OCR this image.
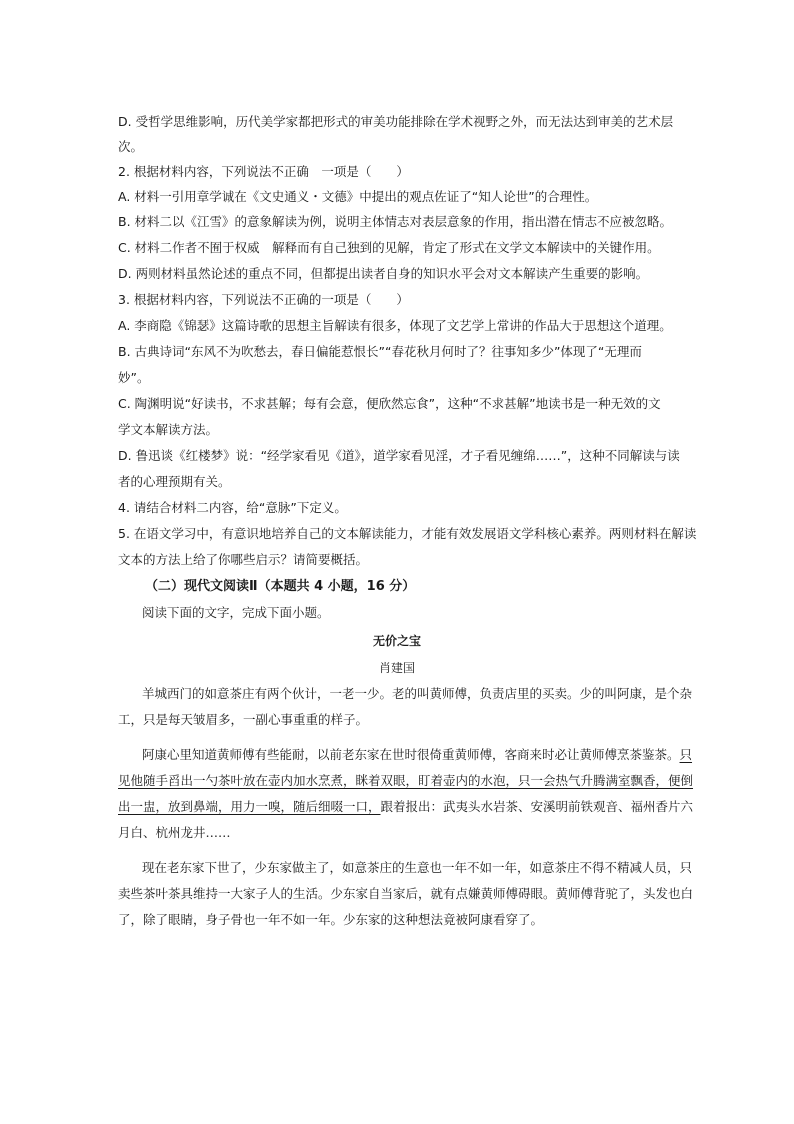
D. 受哲学思维影响，历代美学家都把形式的审美功能排除在学术视野之外，而无法达到审美的艺术层
次。
2. 根据材料内容，下列说法不正确　一项是（　　）
A. 材料一引用章学诚在《文史通义・文德》中提出的观点佐证了“知人论世”的合理性。
B. 材料二以《江雪》的意象解读为例，说明主体情志对表层意象的作用，指出潜在情志不应被忽略。
C. 材料二作者不囿于权威　解释而有自己独到的见解，肯定了形式在文学文本解读中的关键作用。
D. 两则材料虽然论述的重点不同，但都提出读者自身的知识水平会对文本解读产生重要的影响。
3. 根据材料内容，下列说法不正确的一项是（　　）
A. 李商隐《锦瑟》这篇诗歌的思想主旨解读有很多，体现了文艺学上常讲的作品大于思想这个道理。
B. 古典诗词“东风不为吹愁去，春日偏能惹恨长”“春花秋月何时了？往事知多少”体现了“无理而
妙”。
C. 陶渊明说“好读书，不求甚解；每有会意，便欣然忘食”，这种“不求甚解”地读书是一种无效的文
学文本解读方法。
D. 鲁迅谈《红楼梦》说：“经学家看见《道》，道学家看见淫，才子看见缠绵……”，这种不同解读与读
者的心理预期有关。
4. 请结合材料二内容，给“意脉”下定义。
5. 在语文学习中，有意识地培养自己的文本解读能力，才能有效发展语文学科核心素养。两则材料在解读
文本的方法上给了你哪些启示？请简要概括。
（二）现代文阅读Ⅱ（本题共 4 小题，16 分）
阅读下面的文字，完成下面小题。
无价之宝
肖建国
羊城西门的如意茶庄有两个伙计，一老一少。老的叫黄师傅，负责店里的买卖。少的叫阿康，是个杂
工，只是每天皱眉多，一副心事重重的样子。
阿康心里知道黄师傅有些能耐，以前老东家在世时很倚重黄师傅，客商来时必让黄师傅烹茶鉴茶。只
见他随手舀出一勺茶叶放在壶内加水烹煮，眯着双眼，盯着壶内的水泡，只一会热气升腾满室飘香，便倒
出一盅，放到鼻端，用力一嗅，随后细啜一口，跟着报出：武夷头水岩茶、安溪明前铁观音、福州香片六
月白、杭州龙井……
现在老东家下世了，少东家做主了，如意茶庄的生意也一年不如一年，如意茶庄不得不精减人员，只
卖些茶叶茶具维持一大家子人的生活。少东家自当家后，就有点嫌黄师傅碍眼。黄师傅背驼了，头发也白
了，除了眼睛，身子骨也一年不如一年。少东家的这种想法竟被阿康看穿了。
